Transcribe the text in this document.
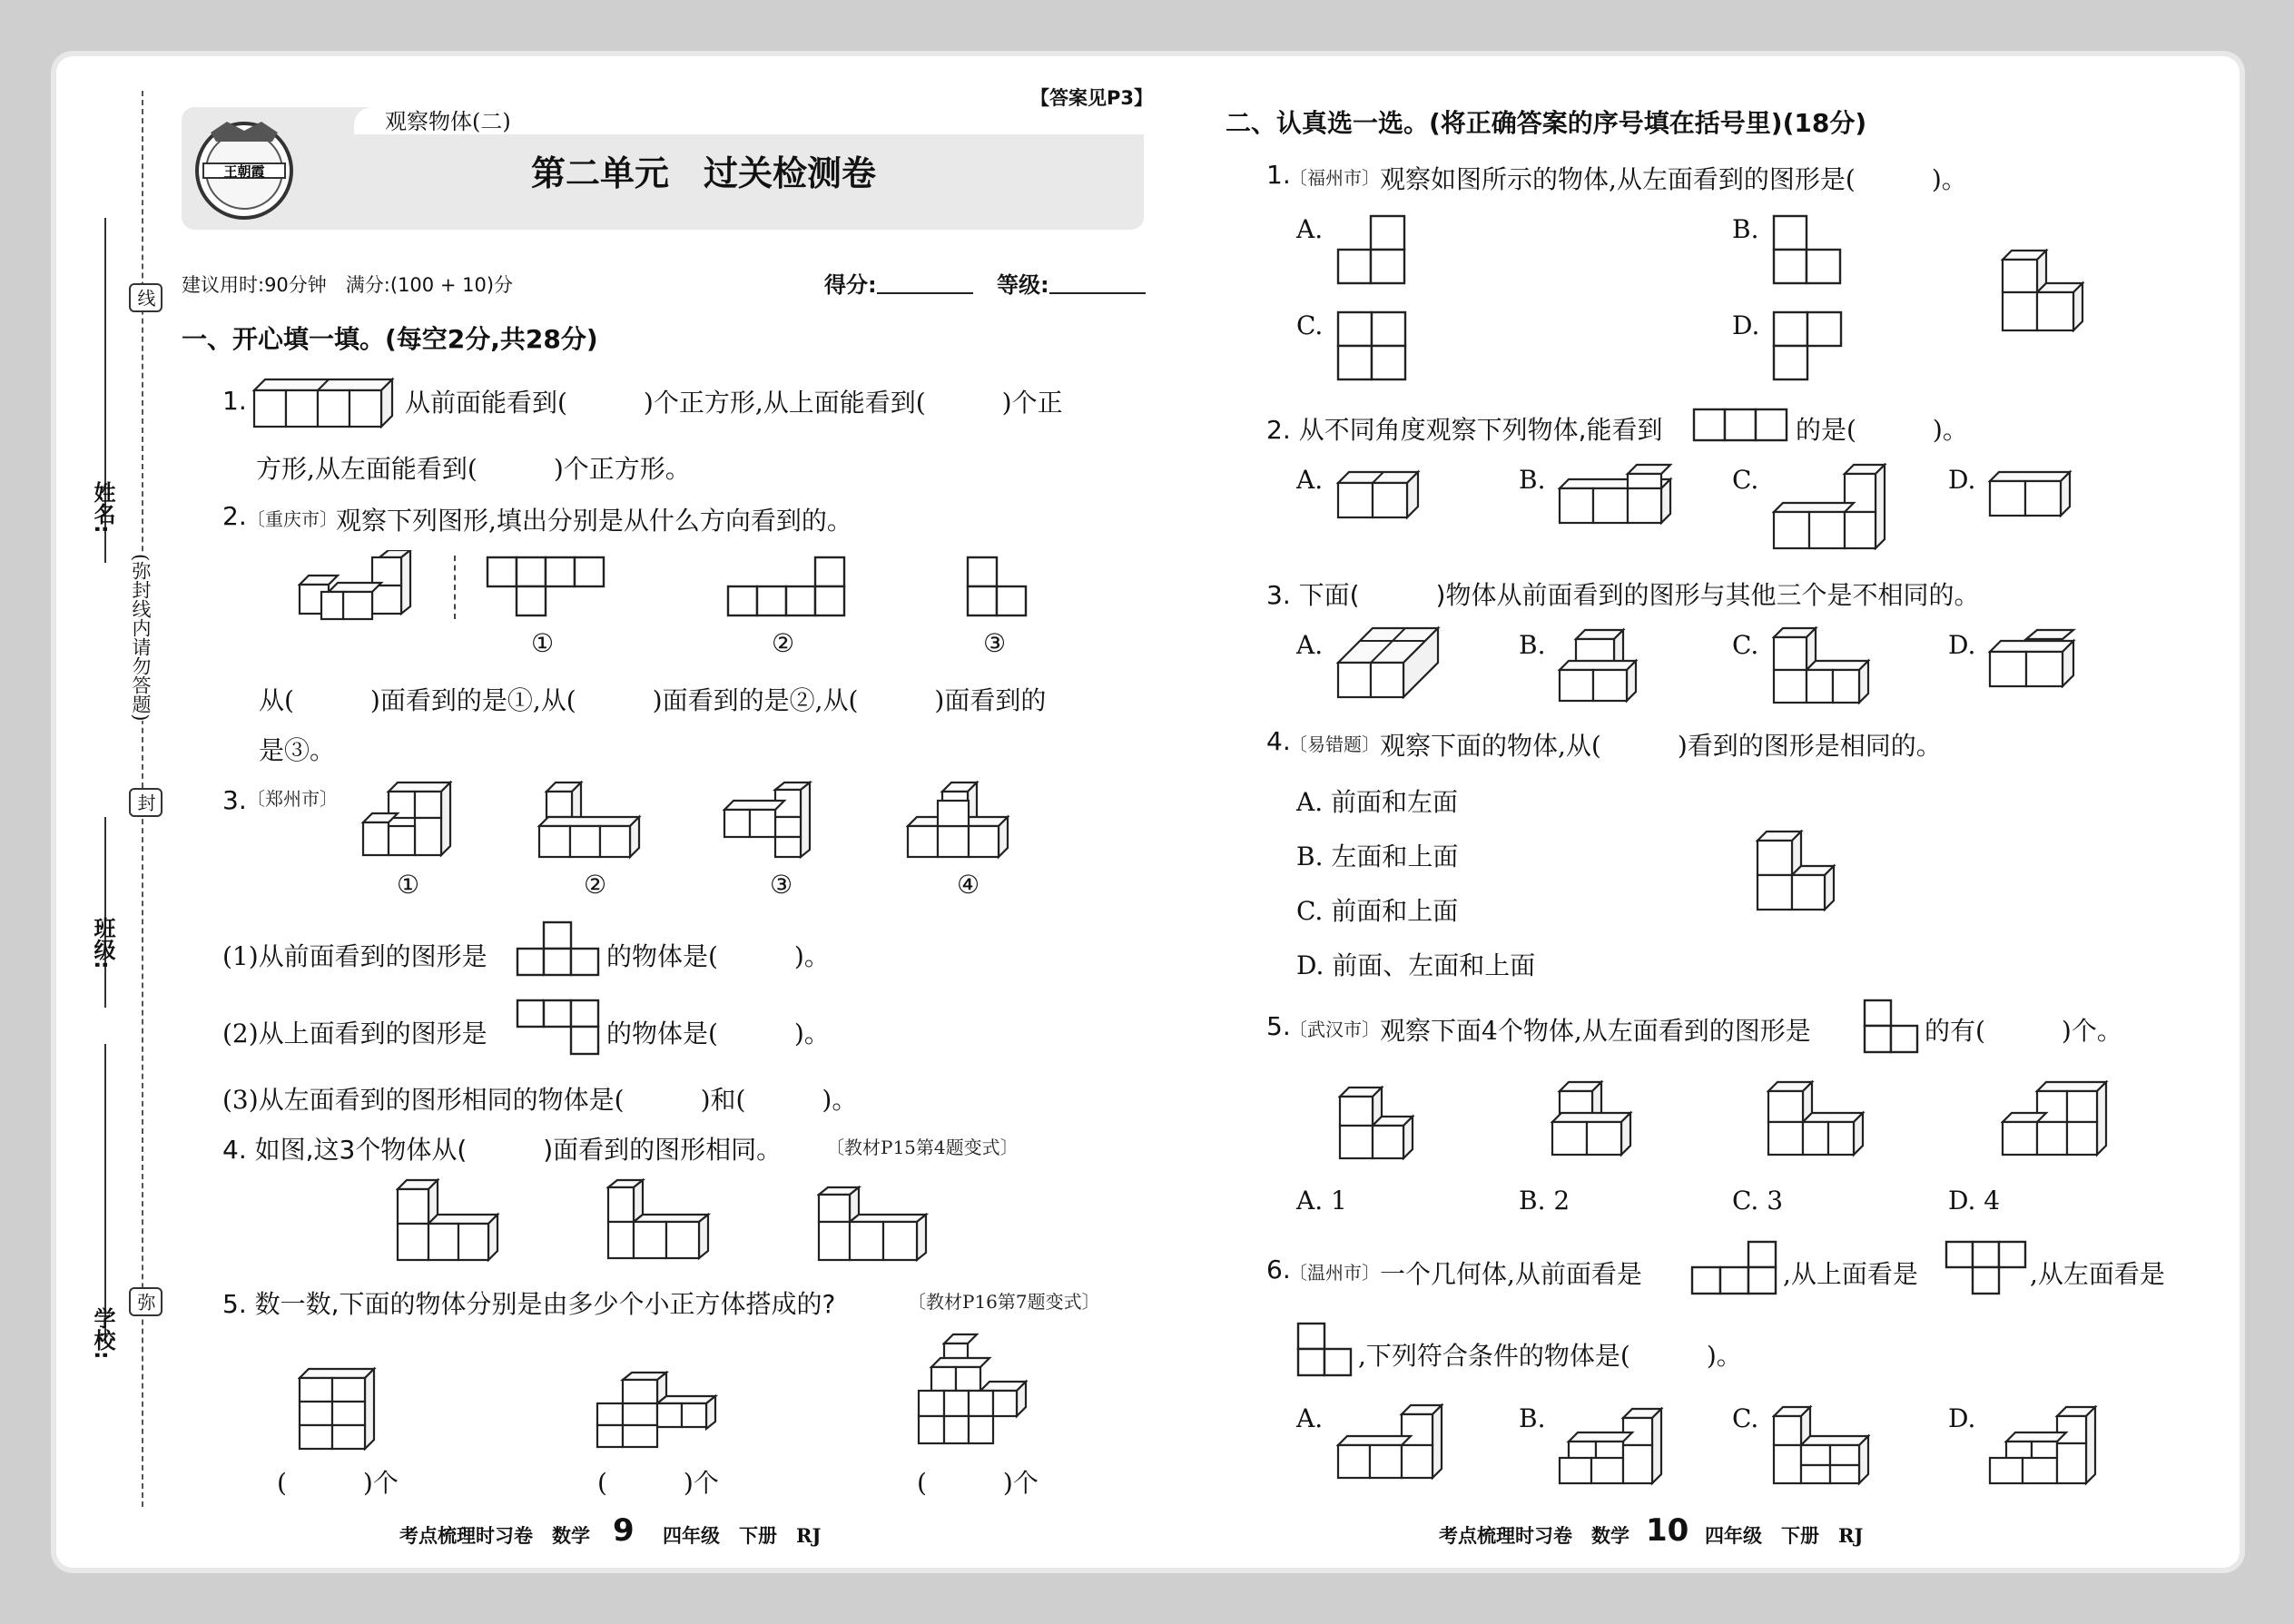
姓名:
班级:
学校:
线
封
弥
(弥封线内请勿答题)
观察物体(二)
【答案见P3】
第二单元　过关检测卷
王朝霞
建议用时:90分钟　满分:(100 + 10)分	得分:	等级:
一、开心填一填。(每空2分,共28分)
1.	从前面能看到(　　　)个正方形,从上面能看到(　　　)个正
方形,从左面能看到(　　　)个正方形。
2. 〔重庆市〕
观察下列图形,填出分别是从什么方向看到的。
①	②	③
从(　　　)面看到的是①,从(　　　)面看到的是②,从(　　　)面看到的
是③。
3. 〔郑州市〕
①	②	③	④
(1)从前面看到的图形是	的物体是(　　　)。
(2)从上面看到的图形是	的物体是(　　　)。
(3)从左面看到的图形相同的物体是(　　　)和(　　　)。
4. 如图,这3个物体从(　　　)面看到的图形相同。 〔教材P15第4题变式〕
5. 数一数,下面的物体分别是由多少个小正方体搭成的?	〔教材P16第7题变式〕
(　　　)个	(　　　)个	(　　　)个
考点梳理时习卷　数学 9 四年级　下册　RJ
二、认真选一选。(将正确答案的序号填在括号里)(18分)
1.
〔福州市〕 观察如图所示的物体,从左面看到的图形是(　　　)。
A.	B.
C.	D.
2. 从不同角度观察下列物体,能看到	的是(　　　)。
A.	B.	C.	D.
3. 下面(　　　)物体从前面看到的图形与其他三个是不相同的。
A.	B.	C.	D.
4.
〔易错题〕 观察下面的物体,从(　　　)看到的图形是相同的。
A. 前面和左面
B. 左面和上面
C. 前面和上面
D. 前面、左面和上面
5.
〔武汉市〕 观察下面4个物体,从左面看到的图形是	的有(　　　)个。
A. 1	B. 2	C. 3	D. 4
6.
〔温州市〕 一个几何体,从前面看是	,从上面看是	,从左面看是
,下列符合条件的物体是(　　　)。
A.	B.	C.	D.
考点梳理时习卷　数学 10 四年级　下册　RJ
